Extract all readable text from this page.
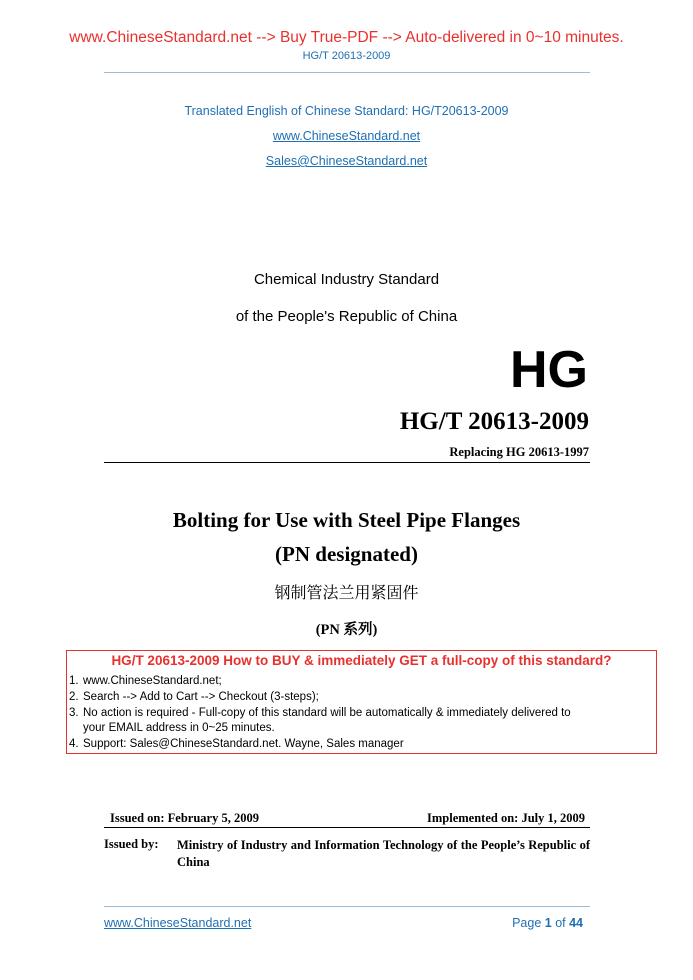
www.ChineseStandard.net --> Buy True-PDF --> Auto-delivered in 0~10 minutes.
HG/T 20613-2009
Translated English of Chinese Standard: HG/T20613-2009
www.ChineseStandard.net
Sales@ChineseStandard.net
Chemical Industry Standard
of the People's Republic of China
HG
HG/T 20613-2009
Replacing HG 20613-1997
Bolting for Use with Steel Pipe Flanges
(PN designated)
钢制管法兰用紧固件
(PN 系列)
HG/T 20613-2009 How to BUY & immediately GET a full-copy of this standard?
1. www.ChineseStandard.net;
2. Search --> Add to Cart --> Checkout (3-steps);
3. No action is required - Full-copy of this standard will be automatically & immediately delivered to
your EMAIL address in 0~25 minutes.
4. Support: Sales@ChineseStandard.net. Wayne, Sales manager
Issued on: February 5, 2009	Implemented on: July 1, 2009
Issued by: Ministry of Industry and Information Technology of the People’s Republic of China
www.ChineseStandard.net	Page 1 of 44
